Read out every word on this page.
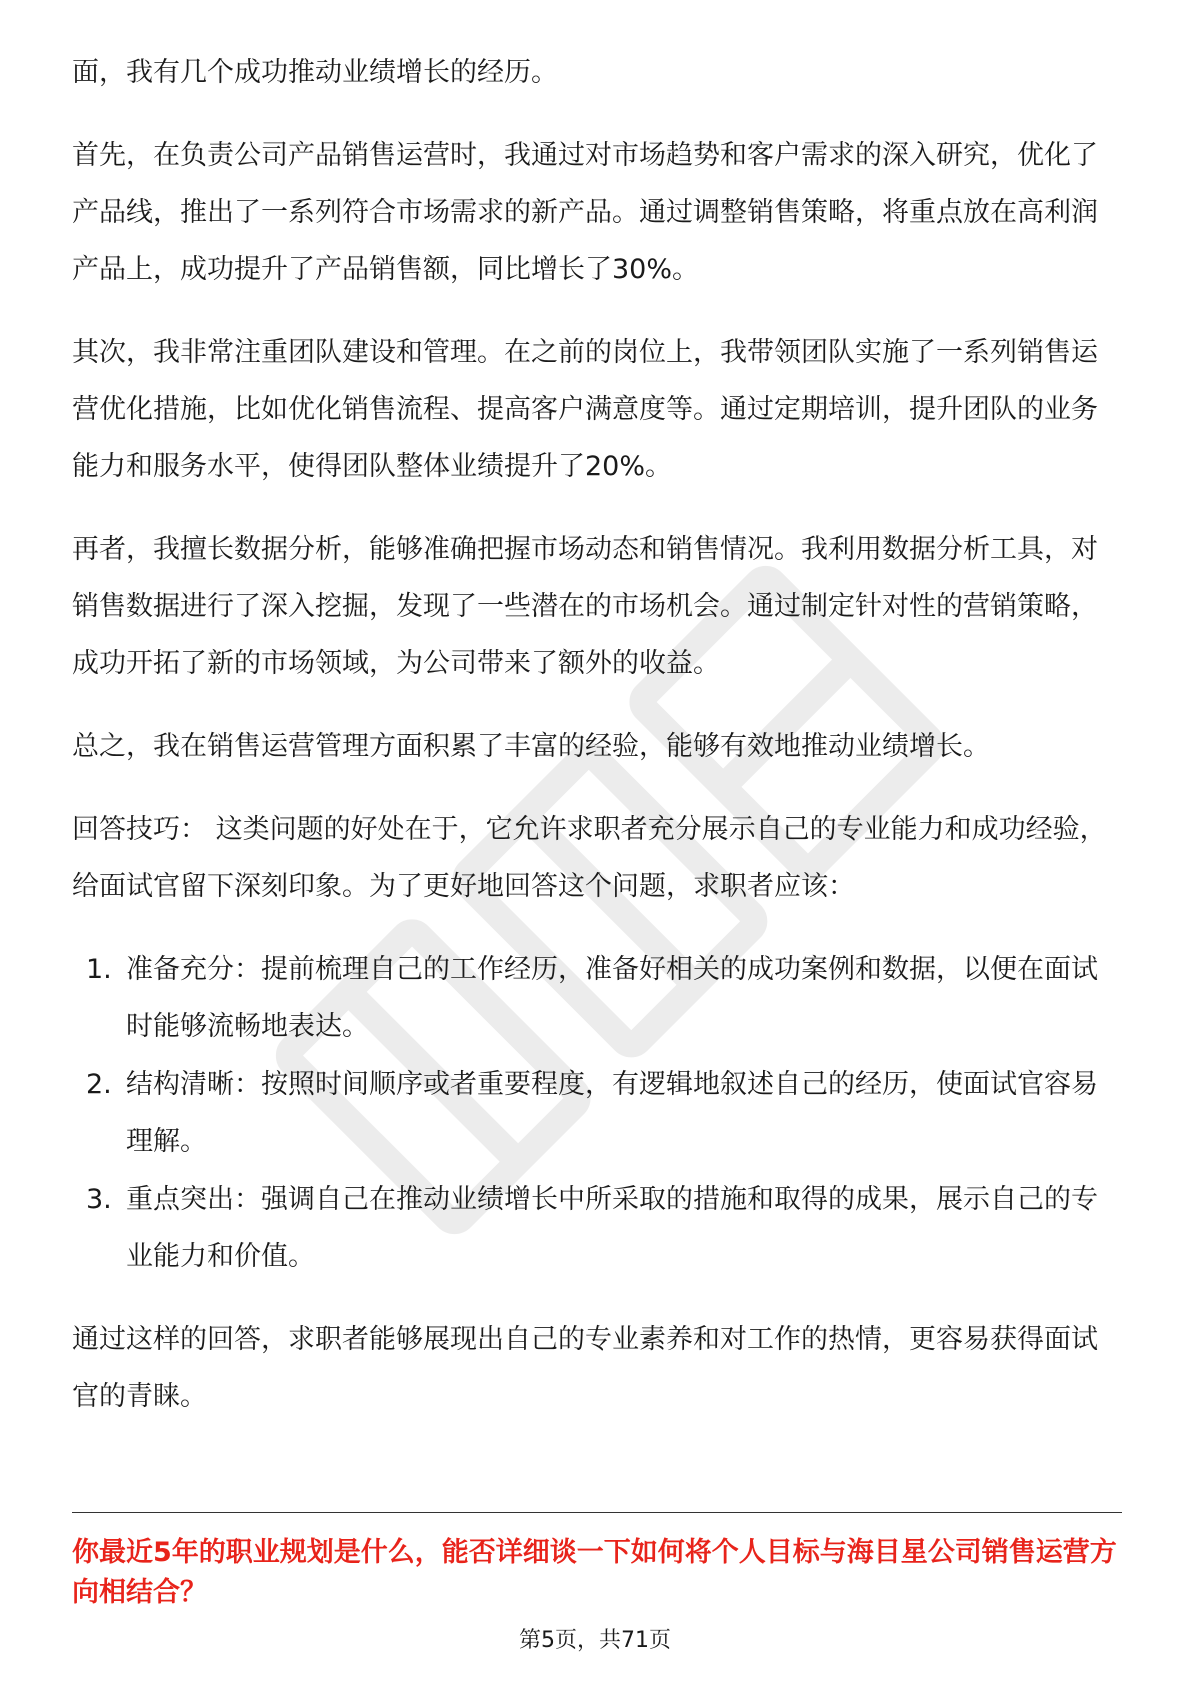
面，我有几个成功推动业绩增长的经历。

首先，在负责公司产品销售运营时，我通过对市场趋势和客户需求的深入研究，优化了产品线，推出了一系列符合市场需求的新产品。通过调整销售策略，将重点放在高利润产品上，成功提升了产品销售额，同比增长了30%。

其次，我非常注重团队建设和管理。在之前的岗位上，我带领团队实施了一系列销售运营优化措施，比如优化销售流程、提高客户满意度等。通过定期培训，提升团队的业务能力和服务水平，使得团队整体业绩提升了20%。

再者，我擅长数据分析，能够准确把握市场动态和销售情况。我利用数据分析工具，对销售数据进行了深入挖掘，发现了一些潜在的市场机会。通过制定针对性的营销策略，成功开拓了新的市场领域，为公司带来了额外的收益。

总之，我在销售运营管理方面积累了丰富的经验，能够有效地推动业绩增长。

回答技巧： 这类问题的好处在于，它允许求职者充分展示自己的专业能力和成功经验，给面试官留下深刻印象。为了更好地回答这个问题，求职者应该：

1. 准备充分：提前梳理自己的工作经历，准备好相关的成功案例和数据，以便在面试时能够流畅地表达。
2. 结构清晰：按照时间顺序或者重要程度，有逻辑地叙述自己的经历，使面试官容易理解。
3. 重点突出：强调自己在推动业绩增长中所采取的措施和取得的成果，展示自己的专业能力和价值。

通过这样的回答，求职者能够展现出自己的专业素养和对工作的热情，更容易获得面试官的青睐。

你最近5年的职业规划是什么，能否详细谈一下如何将个人目标与海目星公司销售运营方向相结合？
第5页，共71页
